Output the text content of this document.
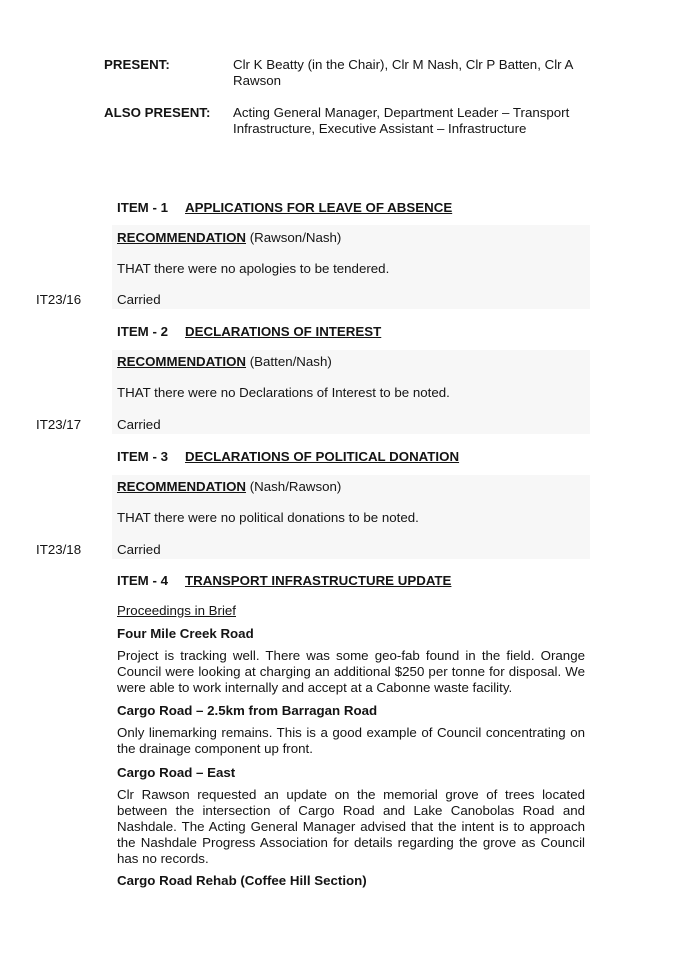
PRESENT:	Clr K Beatty (in the Chair), Clr M Nash, Clr P Batten, Clr A Rawson
ALSO PRESENT: Acting General Manager, Department Leader – Transport Infrastructure, Executive Assistant – Infrastructure
ITEM - 1 APPLICATIONS FOR LEAVE OF ABSENCE
RECOMMENDATION (Rawson/Nash)
THAT there were no apologies to be tendered.
IT23/16	Carried
ITEM - 2 DECLARATIONS OF INTEREST
RECOMMENDATION (Batten/Nash)
THAT there were no Declarations of Interest to be noted.
IT23/17	Carried
ITEM - 3 DECLARATIONS OF POLITICAL DONATION
RECOMMENDATION (Nash/Rawson)
THAT there were no political donations to be noted.
IT23/18	Carried
ITEM - 4 TRANSPORT INFRASTRUCTURE UPDATE
Proceedings in Brief
Four Mile Creek Road
Project is tracking well. There was some geo-fab found in the field. Orange Council were looking at charging an additional $250 per tonne for disposal. We were able to work internally and accept at a Cabonne waste facility.
Cargo Road – 2.5km from Barragan Road
Only linemarking remains. This is a good example of Council concentrating on the drainage component up front.
Cargo Road – East
Clr Rawson requested an update on the memorial grove of trees located between the intersection of Cargo Road and Lake Canobolas Road and Nashdale. The Acting General Manager advised that the intent is to approach the Nashdale Progress Association for details regarding the grove as Council has no records.
Cargo Road Rehab (Coffee Hill Section)
